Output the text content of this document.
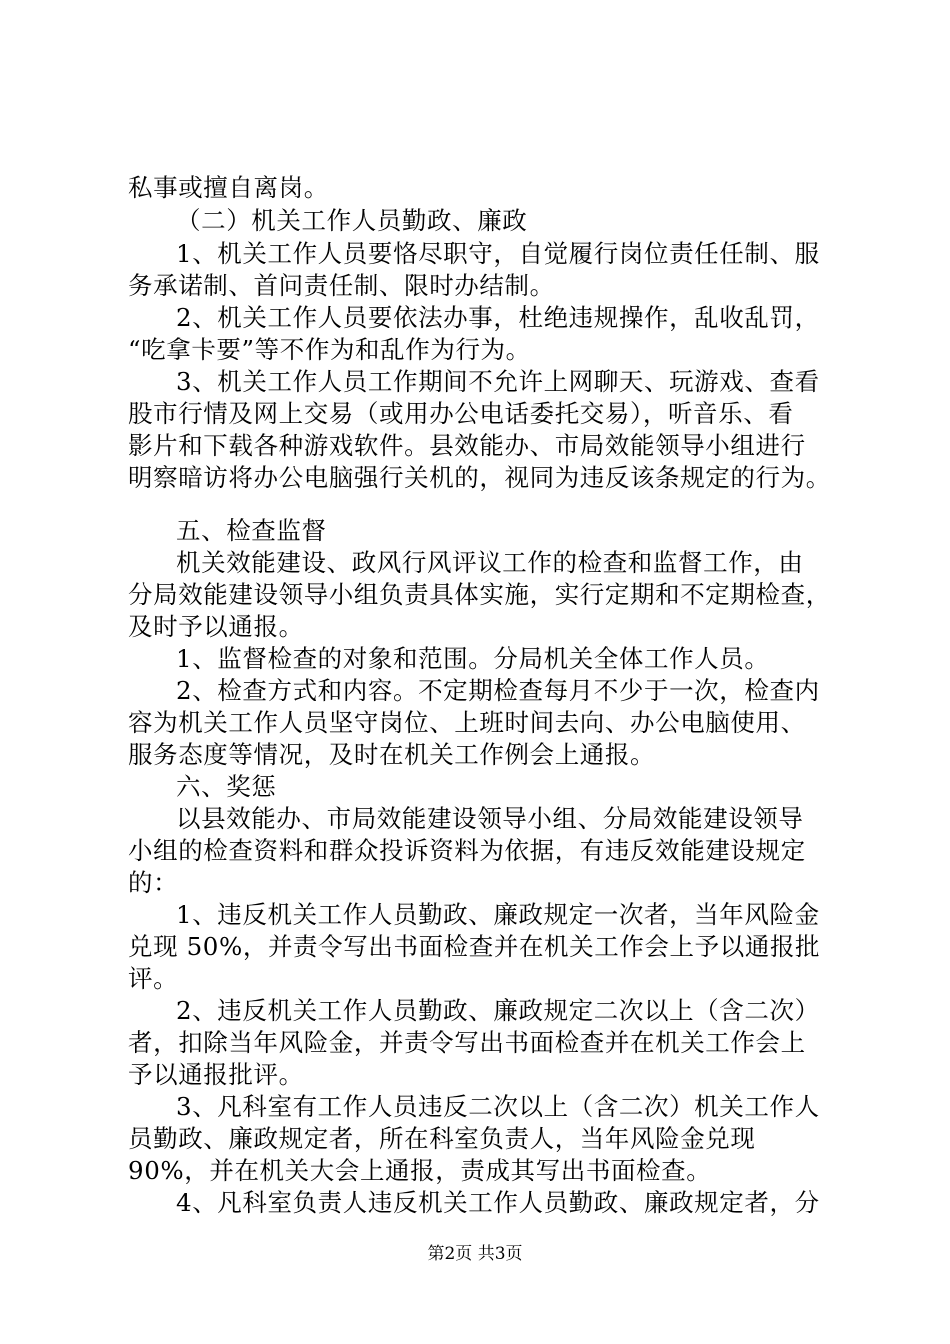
私事或擅自离岗。
（二）机关工作人员勤政、廉政
1、机关工作人员要恪尽职守，自觉履行岗位责任任制、服
务承诺制、首问责任制、限时办结制。
2、机关工作人员要依法办事，杜绝违规操作，乱收乱罚，
“吃拿卡要”等不作为和乱作为行为。
3、机关工作人员工作期间不允许上网聊天、玩游戏、查看
股市行情及网上交易（或用办公电话委托交易），听音乐、看
影片和下载各种游戏软件。县效能办、市局效能领导小组进行
明察暗访将办公电脑强行关机的，视同为违反该条规定的行为。
五、检查监督
机关效能建设、政风行风评议工作的检查和监督工作，由
分局效能建设领导小组负责具体实施，实行定期和不定期检查，
及时予以通报。
1、监督检查的对象和范围。分局机关全体工作人员。
2、检查方式和内容。不定期检查每月不少于一次，检查内
容为机关工作人员坚守岗位、上班时间去向、办公电脑使用、
服务态度等情况，及时在机关工作例会上通报。
六、奖惩
以县效能办、市局效能建设领导小组、分局效能建设领导
小组的检查资料和群众投诉资料为依据，有违反效能建设规定
的：
1、违反机关工作人员勤政、廉政规定一次者，当年风险金
兑现 50%，并责令写出书面检查并在机关工作会上予以通报批
评。
2、违反机关工作人员勤政、廉政规定二次以上（含二次）
者，扣除当年风险金，并责令写出书面检查并在机关工作会上
予以通报批评。
3、凡科室有工作人员违反二次以上（含二次）机关工作人
员勤政、廉政规定者，所在科室负责人，当年风险金兑现
90%，并在机关大会上通报，责成其写出书面检查。
4、凡科室负责人违反机关工作人员勤政、廉政规定者，分
第2页 共3页
